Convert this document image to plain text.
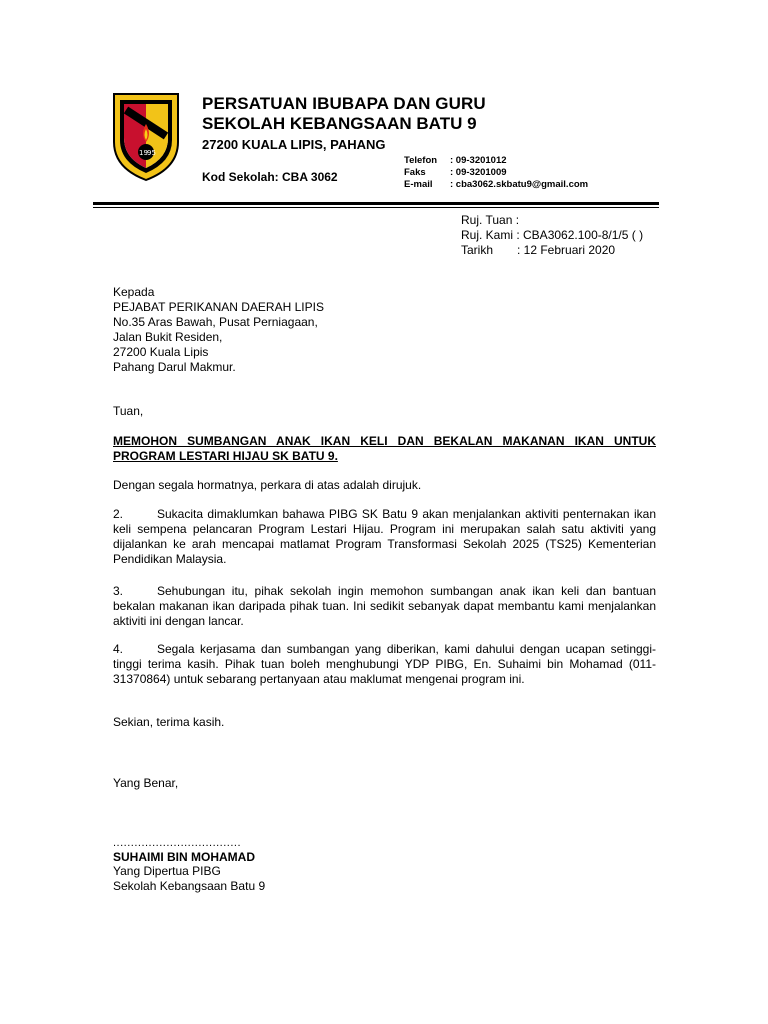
19 95
PERSATUAN IBUBAPA DAN GURU
SEKOLAH KEBANGSAAN BATU 9
27200 KUALA LIPIS, PAHANG
Kod Sekolah: CBA 3062
Telefon : 09-3201012
Faks	: 09-3201009
E-mail : cba3062.skbatu9@gmail.com
Ruj. Tuan :
Ruj. Kami : CBA3062.100-8/1/5 ( )
Tarikh : 12 Februari 2020
Kepada
PEJABAT PERIKANAN DAERAH LIPIS
No.35 Aras Bawah, Pusat Perniagaan,
Jalan Bukit Residen,
27200 Kuala Lipis
Pahang Darul Makmur.
Tuan,
MEMOHON SUMBANGAN ANAK IKAN KELI DAN BEKALAN MAKANAN IKAN UNTUK PROGRAM LESTARI HIJAU SK BATU 9.
Dengan segala hormatnya, perkara di atas adalah dirujuk.
2.	Sukacita dimaklumkan bahawa PIBG SK Batu 9 akan menjalankan aktiviti penternakan ikan keli sempena pelancaran Program Lestari Hijau. Program ini merupakan salah satu aktiviti yang dijalankan ke arah mencapai matlamat Program Transformasi Sekolah 2025 (TS25) Kementerian Pendidikan Malaysia.
3.	Sehubungan itu, pihak sekolah ingin memohon sumbangan anak ikan keli dan bantuan bekalan makanan ikan daripada pihak tuan. Ini sedikit sebanyak dapat membantu kami menjalankan aktiviti ini dengan lancar.
4.	Segala kerjasama dan sumbangan yang diberikan, kami dahului dengan ucapan setinggi-tinggi terima kasih. Pihak tuan boleh menghubungi YDP PIBG, En. Suhaimi bin Mohamad (011-31370864) untuk sebarang pertanyaan atau maklumat mengenai program ini.
Sekian, terima kasih.
Yang Benar,
....................................
SUHAIMI BIN MOHAMAD
Yang Dipertua PIBG
Sekolah Kebangsaan Batu 9
